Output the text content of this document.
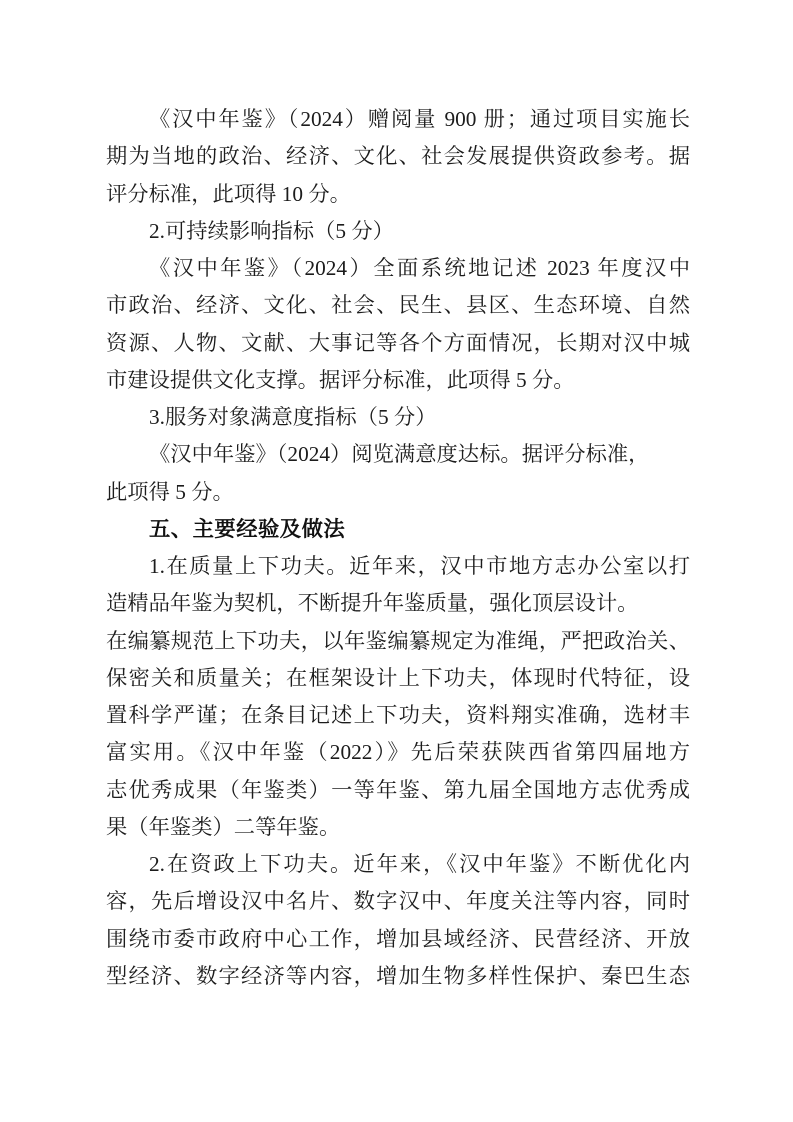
《汉中年鉴》（2024）赠阅量 900 册；通过项目实施长
期为当地的政治、经济、文化、社会发展提供资政参考。据
评分标准，此项得 10 分。
2.可持续影响指标（5 分）
《汉中年鉴》（2024）全面系统地记述 2023 年度汉中
市政治、经济、文化、社会、民生、县区、生态环境、自然
资源、人物、文献、大事记等各个方面情况，长期对汉中城
市建设提供文化支撑。据评分标准，此项得 5 分。
3.服务对象满意度指标（5 分）
《汉中年鉴》（2024）阅览满意度达标。据评分标准，
此项得 5 分。
五、主要经验及做法
1.在质量上下功夫。近年来，汉中市地方志办公室以打
造精品年鉴为契机，不断提升年鉴质量，强化顶层设计。
在编纂规范上下功夫，以年鉴编纂规定为准绳，严把政治关、
保密关和质量关；在框架设计上下功夫，体现时代特征，设
置科学严谨；在条目记述上下功夫，资料翔实准确，选材丰
富实用。《汉中年鉴（2022）》先后荣获陕西省第四届地方
志优秀成果（年鉴类）一等年鉴、第九届全国地方志优秀成
果（年鉴类）二等年鉴。
2.在资政上下功夫。近年来，《汉中年鉴》不断优化内
容，先后增设汉中名片、数字汉中、年度关注等内容，同时
围绕市委市政府中心工作，增加县域经济、民营经济、开放
型经济、数字经济等内容，增加生物多样性保护、秦巴生态
